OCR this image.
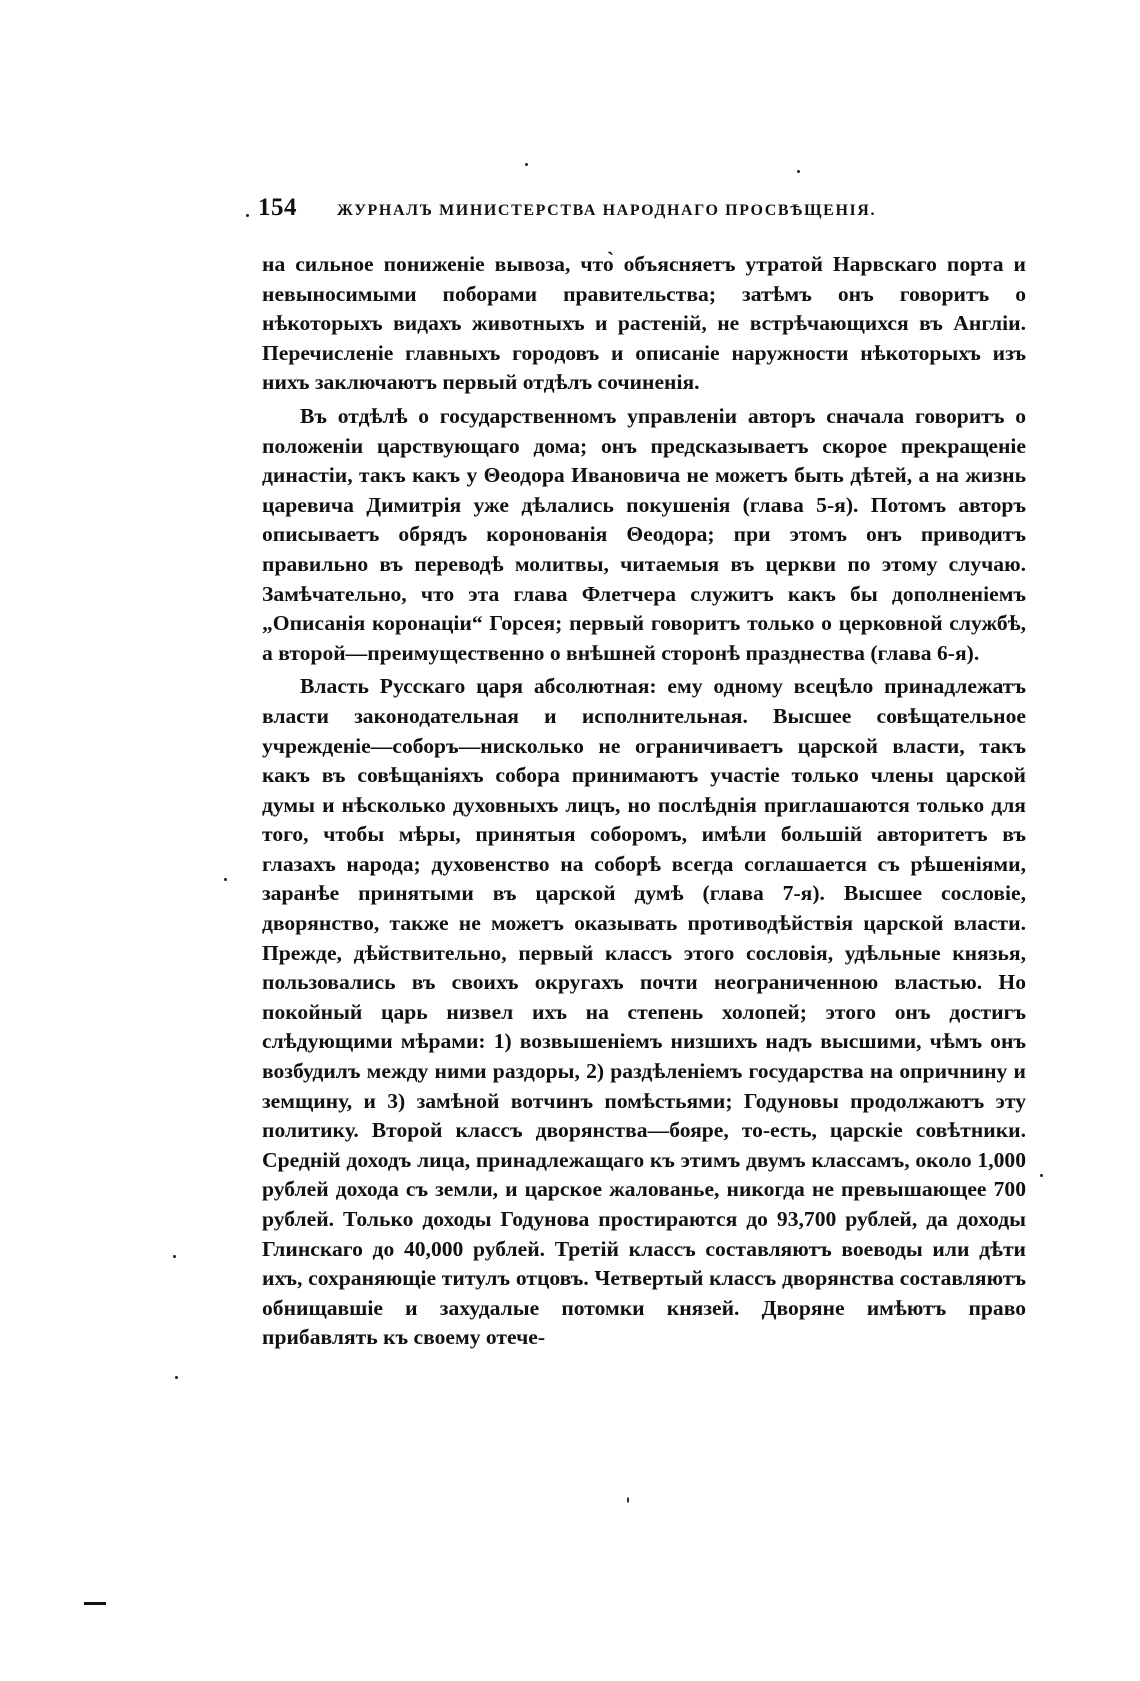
154	ЖУРНАЛЪ МИНИСТЕРСТВА НАРОДНАГО ПРОСВѢЩЕНІЯ.

на сильное пониженіе вывоза, что̀ объясняетъ утратой Нарвскаго порта и невыносимыми поборами правительства; затѣмъ онъ говоритъ о нѣкоторыхъ видахъ животныхъ и растеній, не встрѣчающихся въ Англіи. Перечисленіе главныхъ городовъ и описаніе наружности нѣкоторыхъ изъ нихъ заключаютъ первый отдѣлъ сочиненія.

Въ отдѣлѣ о государственномъ управленіи авторъ сначала говоритъ о положеніи царствующаго дома; онъ предсказываетъ скорое прекращеніе династіи, такъ какъ у Θеодора Ивановича не можетъ быть дѣтей, а на жизнь царевича Димитрія уже дѣлались покушенія (глава 5-я). Потомъ авторъ описываетъ обрядъ коронованія Θеодора; при этомъ онъ приводитъ правильно въ переводѣ молитвы, читаемыя въ церкви по этому случаю. Замѣчательно, что эта глава Флетчера служитъ какъ бы дополненіемъ „Описанія коронаціи“ Горсея; первый говоритъ только о церковной службѣ, а второй—преимущественно о внѣшней сторонѣ празднества (глава 6-я).

Власть Русскаго царя абсолютная: ему одному всецѣло принадлежатъ власти законодательная и исполнительная. Высшее совѣщательное учрежденіе—соборъ—нисколько не ограничиваетъ царской власти, такъ какъ въ совѣщаніяхъ собора принимаютъ участіе только члены царской думы и нѣсколько духовныхъ лицъ, но послѣднія приглашаются только для того, чтобы мѣры, принятыя соборомъ, имѣли большій авторитетъ въ глазахъ народа; духовенство на соборѣ всегда соглашается съ рѣшеніями, заранѣе принятыми въ царской думѣ (глава 7-я). Высшее сословіе, дворянство, также не можетъ оказывать противодѣйствія царской власти. Прежде, дѣйствительно, первый классъ этого сословія, удѣльные князья, пользовались въ своихъ округахъ почти неограниченною властью. Но покойный царь низвел ихъ на степень холопей; этого онъ достигъ слѣдующими мѣрами: 1) возвышеніемъ низшихъ надъ высшими, чѣмъ онъ возбудилъ между ними раздоры, 2) раздѣленіемъ государства на опричнину и земщину, и 3) замѣной вотчинъ помѣстьями; Годуновы продолжаютъ эту политику. Второй классъ дворянства—бояре, то-есть, царскіе совѣтники. Средній доходъ лица, принадлежащаго къ этимъ двумъ классамъ, около 1,000 рублей дохода съ земли, и царское жалованье, никогда не превышающее 700 рублей. Только доходы Годунова простираются до 93,700 рублей, да доходы Глинскаго до 40,000 рублей. Третій классъ составляютъ воеводы или дѣти ихъ, сохраняющіе титулъ отцовъ. Четвертый классъ дворянства составляютъ обнищавшіе и захудалые потомки князей. Дворяне имѣютъ право прибавлять къ своему отече-
